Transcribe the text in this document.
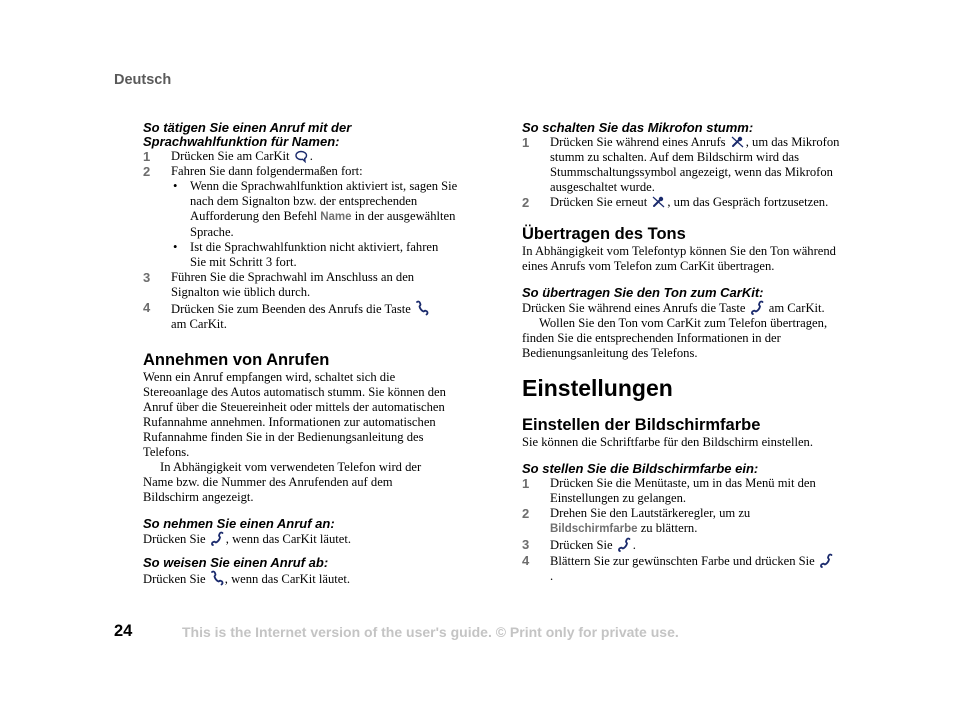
Deutsch

So tätigen Sie einen Anruf mit der Sprachwahlfunktion für Namen:

1	Drücken Sie am CarKit .
2	Fahren Sie dann folgendermaßen fort:
• Wenn die Sprachwahlfunktion aktiviert ist, sagen Sie nach dem Signalton bzw. der entsprechenden Aufforderung den Befehl Name in der ausgewählten Sprache.
• Ist die Sprachwahlfunktion nicht aktiviert, fahren Sie mit Schritt 3 fort.
3	Führen Sie die Sprachwahl im Anschluss an den Signalton wie üblich durch.
4	Drücken Sie zum Beenden des Anrufs die Taste
am CarKit.

Annehmen von Anrufen

Wenn ein Anruf empfangen wird, schaltet sich die Stereoanlage des Autos automatisch stumm. Sie können den Anruf über die Steuereinheit oder mittels der automatischen Rufannahme annehmen. Informationen zur automatischen Rufannahme finden Sie in der Bedienungsanleitung des Telefons.

In Abhängigkeit vom verwendeten Telefon wird der Name bzw. die Nummer des Anrufenden auf dem Bildschirm angezeigt.

So nehmen Sie einen Anruf an:

Drücken Sie , wenn das CarKit läutet.

So weisen Sie einen Anruf ab:

Drücken Sie , wenn das CarKit läutet.

So schalten Sie das Mikrofon stumm:

1	Drücken Sie während eines Anrufs , um das Mikrofon stumm zu schalten. Auf dem Bildschirm wird das Stummschaltungssymbol angezeigt, wenn das Mikrofon ausgeschaltet wurde.
2	Drücken Sie erneut , um das Gespräch fortzusetzen.

Übertragen des Tons

In Abhängigkeit vom Telefontyp können Sie den Ton während eines Anrufs vom Telefon zum CarKit übertragen.

So übertragen Sie den Ton zum CarKit:

Drücken Sie während eines Anrufs die Taste am CarKit.

Wollen Sie den Ton vom CarKit zum Telefon übertragen, finden Sie die entsprechenden Informationen in der Bedienungsanleitung des Telefons.

Einstellungen

Einstellen der Bildschirmfarbe

Sie können die Schriftfarbe für den Bildschirm einstellen.

So stellen Sie die Bildschirmfarbe ein:

1	Drücken Sie die Menütaste, um in das Menü mit den Einstellungen zu gelangen.
2	Drehen Sie den Lautstärkeregler, um zu Bildschirmfarbe zu blättern.
3	Drücken Sie .
4	Blättern Sie zur gewünschten Farbe und drücken Sie .
24	This is the Internet version of the user's guide. © Print only for private use.
